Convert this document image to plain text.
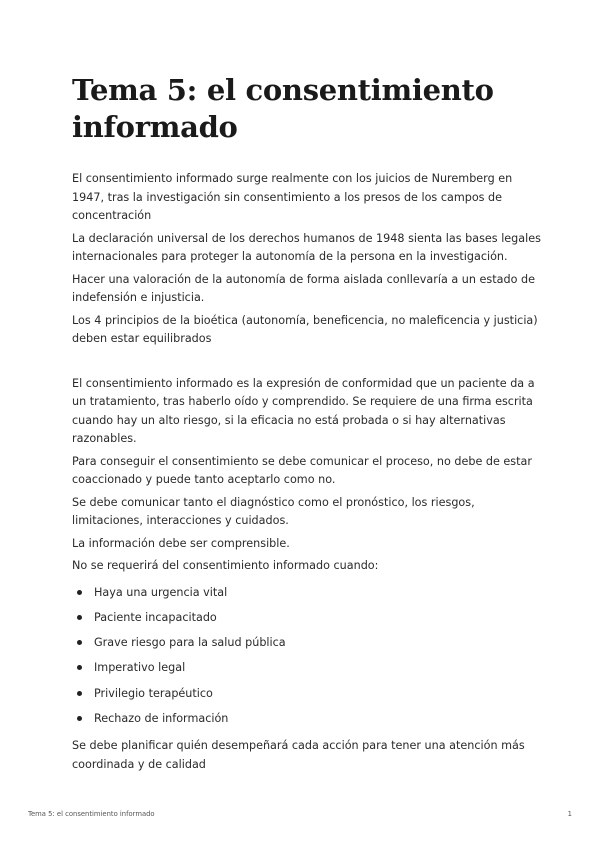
Tema 5: el consentimiento informado

El consentimiento informado surge realmente con los juicios de Nuremberg en 1947, tras la investigación sin consentimiento a los presos de los campos de concentración

La declaración universal de los derechos humanos de 1948 sienta las bases legales internacionales para proteger la autonomía de la persona en la investigación.

Hacer una valoración de la autonomía de forma aislada conllevaría a un estado de indefensión e injusticia.

Los 4 principios de la bioética (autonomía, beneficencia, no maleficencia y justicia) deben estar equilibrados

El consentimiento informado es la expresión de conformidad que un paciente da a un tratamiento, tras haberlo oído y comprendido. Se requiere de una firma escrita cuando hay un alto riesgo, si la eficacia no está probada o si hay alternativas razonables.

Para conseguir el consentimiento se debe comunicar el proceso, no debe de estar coaccionado y puede tanto aceptarlo como no.

Se debe comunicar tanto el diagnóstico como el pronóstico, los riesgos, limitaciones, interacciones y cuidados.

La información debe ser comprensible.

No se requerirá del consentimiento informado cuando:

Haya una urgencia vital
Paciente incapacitado
Grave riesgo para la salud pública
Imperativo legal
Privilegio terapéutico
Rechazo de información

Se debe planificar quién desempeñará cada acción para tener una atención más coordinada y de calidad

Tema 5: el consentimiento informado	1
